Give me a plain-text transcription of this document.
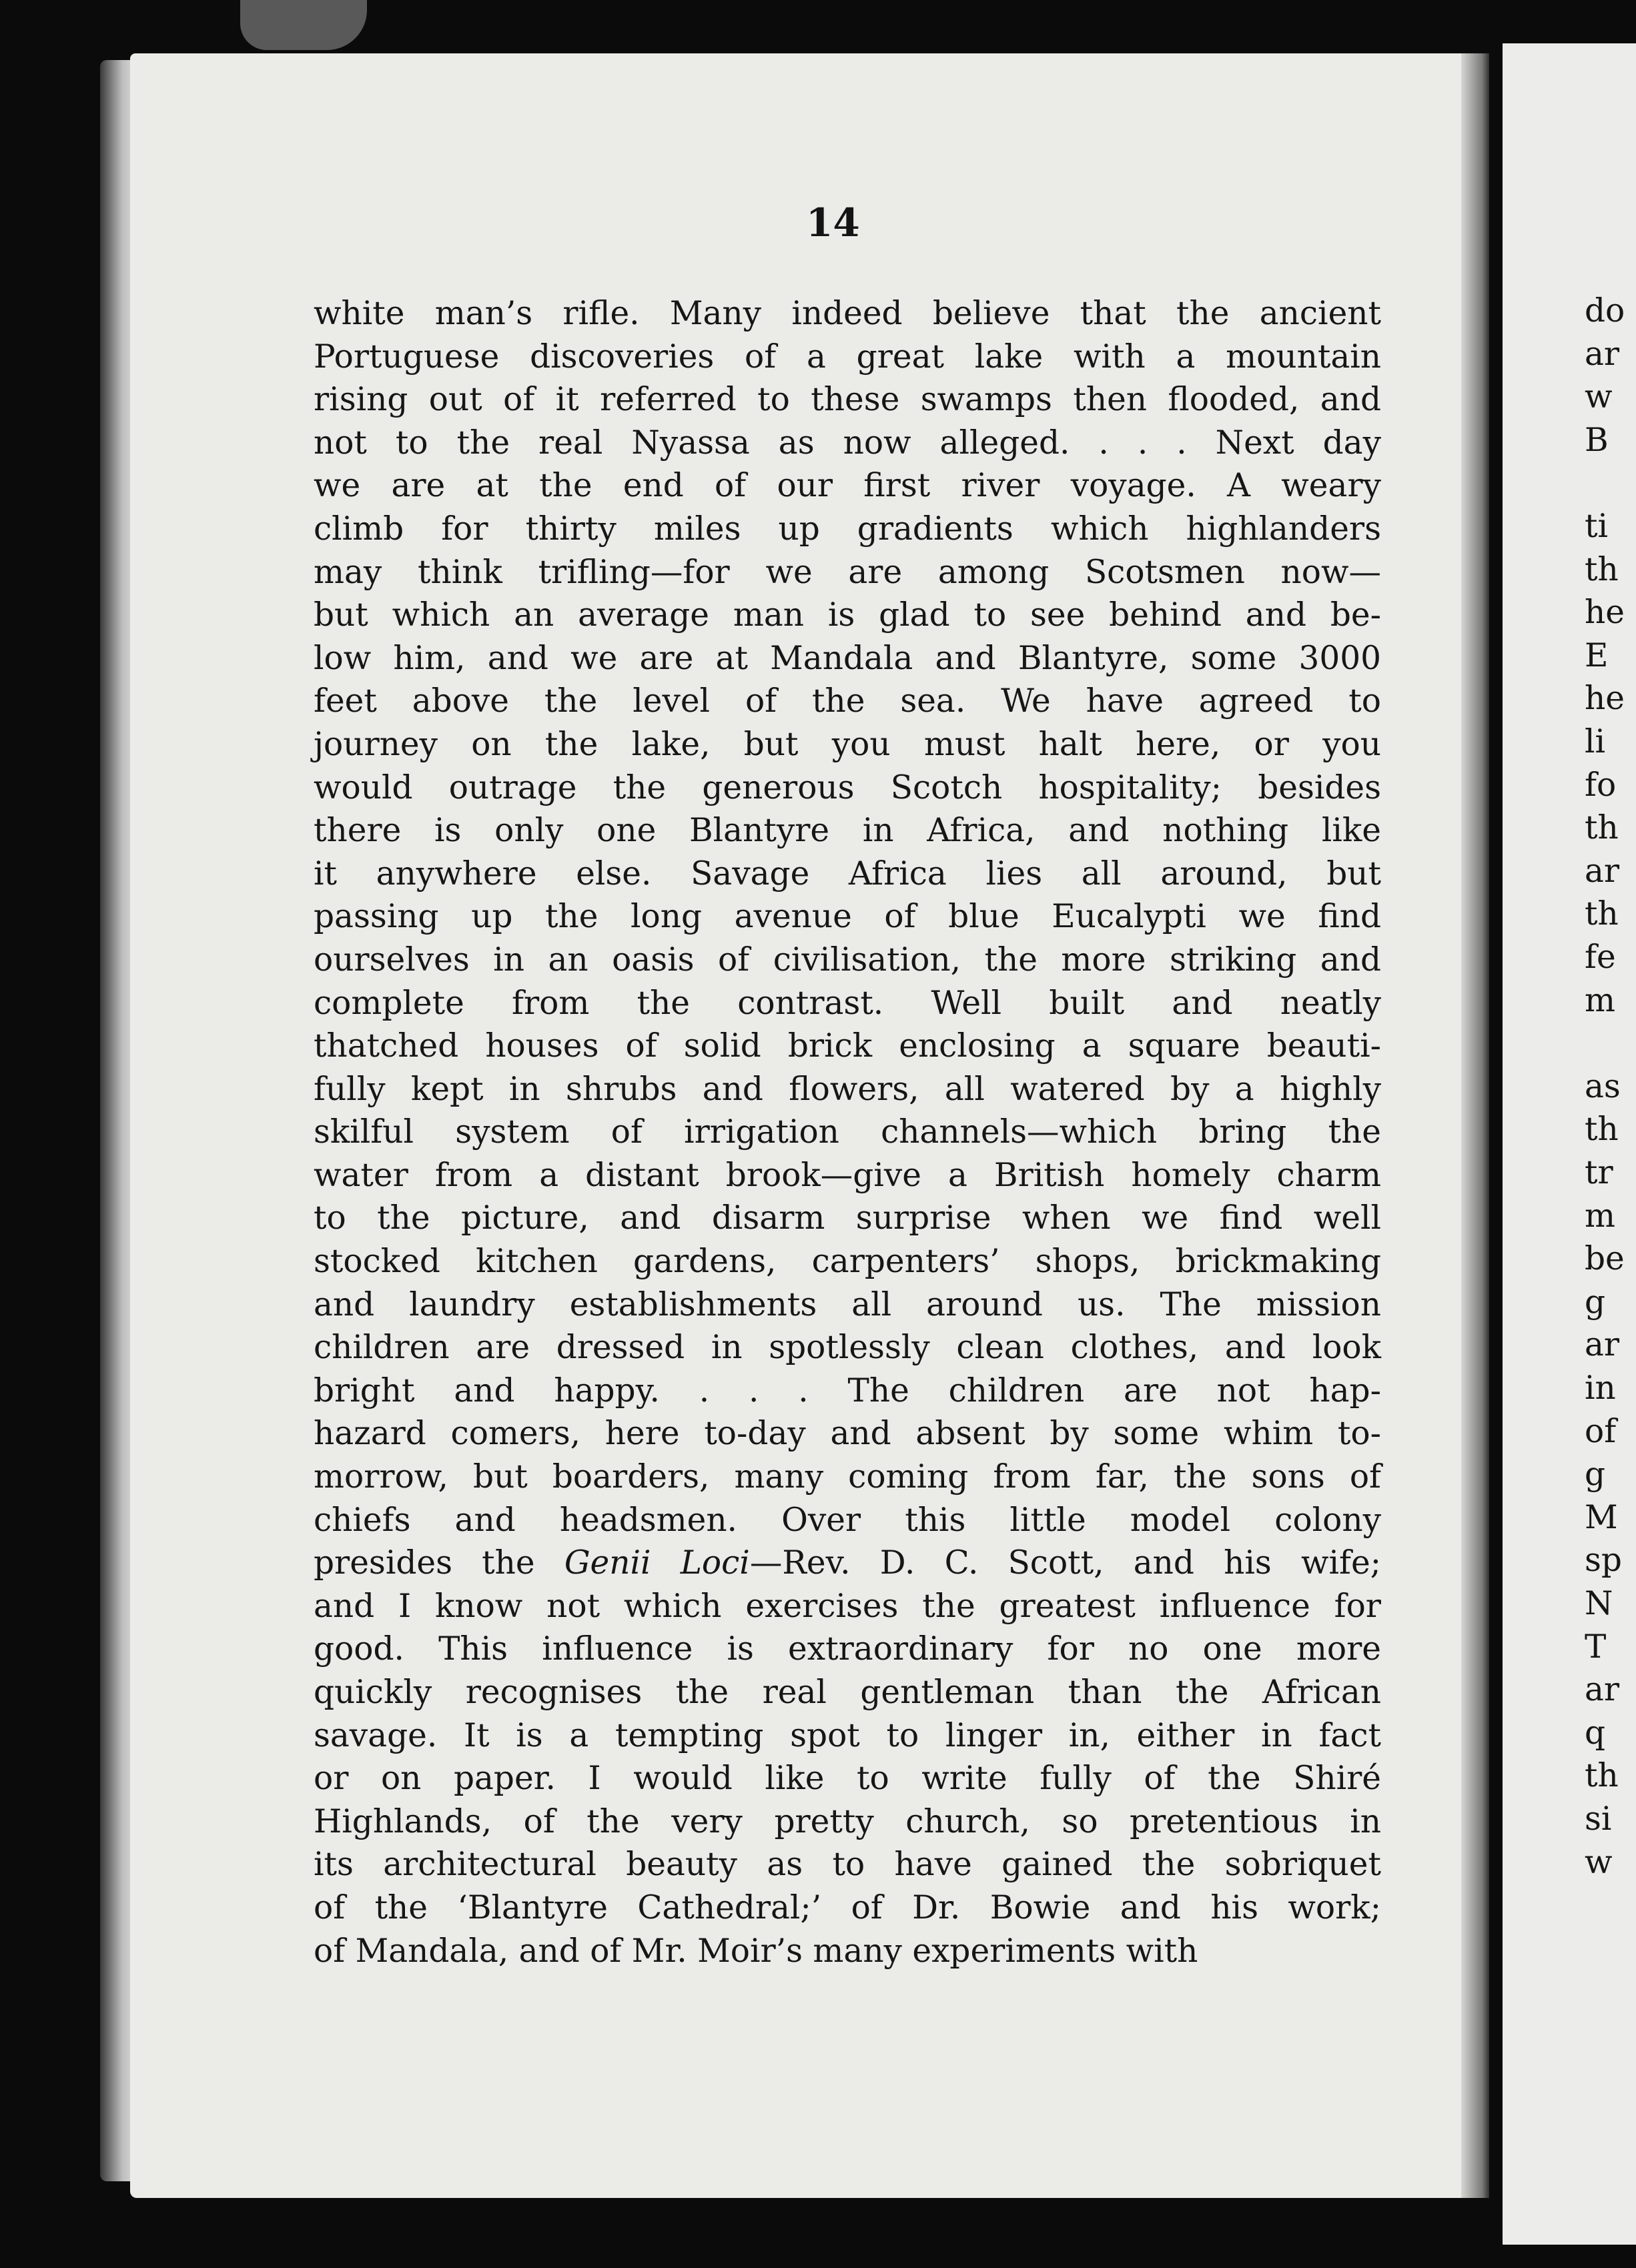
14
white man’s rifle. Many indeed believe that the ancient
Portuguese discoveries of a great lake with a mountain
rising out of it referred to these swamps then flooded, and
not to the real Nyassa as now alleged. . . . Next day
we are at the end of our first river voyage. A weary
climb for thirty miles up gradients which highlanders
may think trifling—for we are among Scotsmen now—
but which an average man is glad to see behind and be-
low him, and we are at Mandala and Blantyre, some 3000
feet above the level of the sea. We have agreed to
journey on the lake, but you must halt here, or you
would outrage the generous Scotch hospitality; besides
there is only one Blantyre in Africa, and nothing like
it anywhere else. Savage Africa lies all around, but
passing up the long avenue of blue Eucalypti we find
ourselves in an oasis of civilisation, the more striking and
complete from the contrast. Well built and neatly
thatched houses of solid brick enclosing a square beauti-
fully kept in shrubs and flowers, all watered by a highly
skilful system of irrigation channels—which bring the
water from a distant brook—give a British homely charm
to the picture, and disarm surprise when we find well
stocked kitchen gardens, carpenters’ shops, brickmaking
and laundry establishments all around us. The mission
children are dressed in spotlessly clean clothes, and look
bright and happy. . . . The children are not hap-
hazard comers, here to-day and absent by some whim to-
morrow, but boarders, many coming from far, the sons of
chiefs and headsmen. Over this little model colony
presides the Genii Loci—Rev. D. C. Scott, and his wife;
and I know not which exercises the greatest influence for
good. This influence is extraordinary for no one more
quickly recognises the real gentleman than the African
savage. It is a tempting spot to linger in, either in fact
or on paper. I would like to write fully of the Shiré
Highlands, of the very pretty church, so pretentious in
its architectural beauty as to have gained the sobriquet
of the ‘Blantyre Cathedral;’ of Dr. Bowie and his work;
of Mandala, and of Mr. Moir’s many experiments with
do
ar
w
B
ti
th
he
E
he
li
fo
th
ar
th
fe
m
as
th
tr
m
be
g
ar
in
of
g
M
sp
N
T
ar
q
th
si
w
